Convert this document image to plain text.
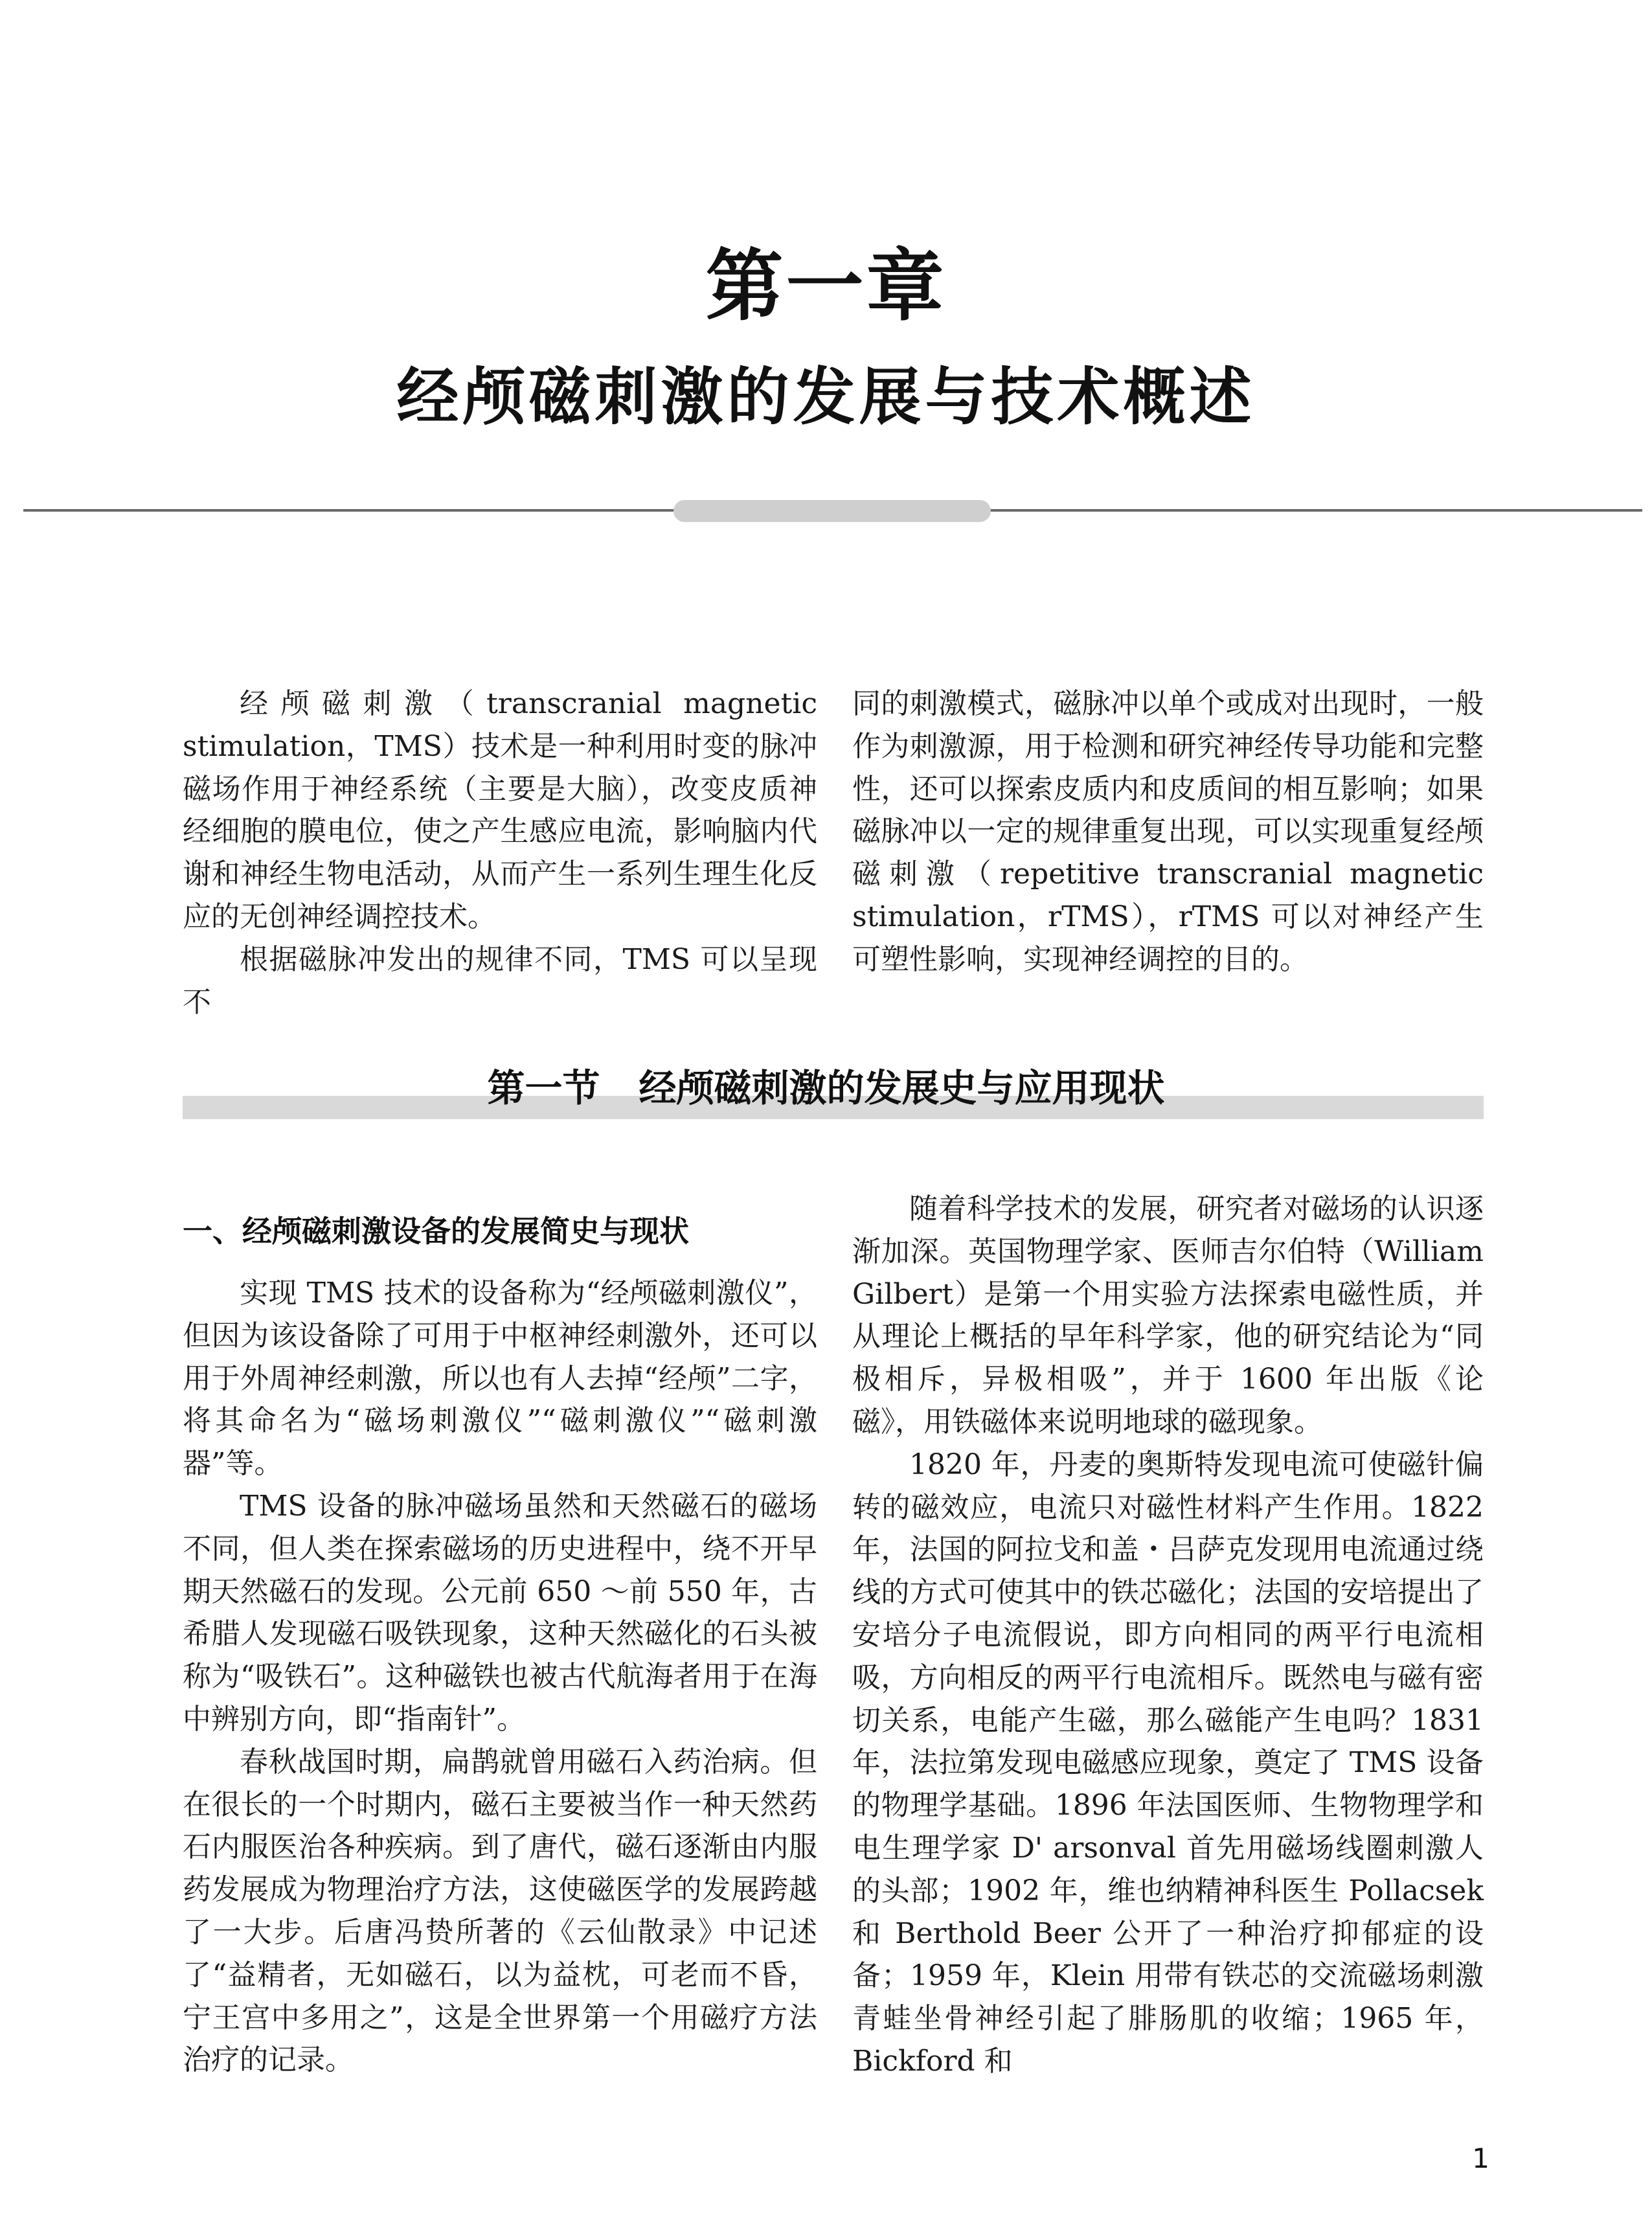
第一章
经颅磁刺激的发展与技术概述

经颅磁刺激（transcranial magnetic stimulation，TMS）技术是一种利用时变的脉冲磁场作用于神经系统（主要是大脑），改变皮质神经细胞的膜电位，使之产生感应电流，影响脑内代谢和神经生物电活动，从而产生一系列生理生化反应的无创神经调控技术。

根据磁脉冲发出的规律不同，TMS 可以呈现不

同的刺激模式，磁脉冲以单个或成对出现时，一般作为刺激源，用于检测和研究神经传导功能和完整性，还可以探索皮质内和皮质间的相互影响；如果磁脉冲以一定的规律重复出现，可以实现重复经颅磁刺激（repetitive transcranial magnetic stimulation，rTMS），rTMS 可以对神经产生可塑性影响，实现神经调控的目的。

第一节 经颅磁刺激的发展史与应用现状
一、经颅磁刺激设备的发展简史与现状

实现 TMS 技术的设备称为“经颅磁刺激仪”，但因为该设备除了可用于中枢神经刺激外，还可以用于外周神经刺激，所以也有人去掉“经颅”二字，将其命名为“磁场刺激仪”“磁刺激仪”“磁刺激器”等。

TMS 设备的脉冲磁场虽然和天然磁石的磁场不同，但人类在探索磁场的历史进程中，绕不开早期天然磁石的发现。公元前 650 ～前 550 年，古希腊人发现磁石吸铁现象，这种天然磁化的石头被称为“吸铁石”。这种磁铁也被古代航海者用于在海中辨别方向，即“指南针”。

春秋战国时期，扁鹊就曾用磁石入药治病。但在很长的一个时期内，磁石主要被当作一种天然药石内服医治各种疾病。到了唐代，磁石逐渐由内服药发展成为物理治疗方法，这使磁医学的发展跨越了一大步。后唐冯贽所著的《云仙散录》中记述了“益精者，无如磁石，以为益枕，可老而不昏，宁王宫中多用之”，这是全世界第一个用磁疗方法治疗的记录。

随着科学技术的发展，研究者对磁场的认识逐渐加深。英国物理学家、医师吉尔伯特（William Gilbert）是第一个用实验方法探索电磁性质，并从理论上概括的早年科学家，他的研究结论为“同极相斥，异极相吸”，并于 1600 年出版《论磁》，用铁磁体来说明地球的磁现象。

1820 年，丹麦的奥斯特发现电流可使磁针偏转的磁效应，电流只对磁性材料产生作用。1822 年，法国的阿拉戈和盖・吕萨克发现用电流通过绕线的方式可使其中的铁芯磁化；法国的安培提出了安培分子电流假说，即方向相同的两平行电流相吸，方向相反的两平行电流相斥。既然电与磁有密切关系，电能产生磁，那么磁能产生电吗？1831 年，法拉第发现电磁感应现象，奠定了 TMS 设备的物理学基础。1896 年法国医师、生物物理学和电生理学家 D' arsonval 首先用磁场线圈刺激人的头部；1902 年，维也纳精神科医生 Pollacsek 和 Berthold Beer 公开了一种治疗抑郁症的设备；1959 年，Klein 用带有铁芯的交流磁场刺激青蛙坐骨神经引起了腓肠肌的收缩；1965 年，Bickford 和

1
